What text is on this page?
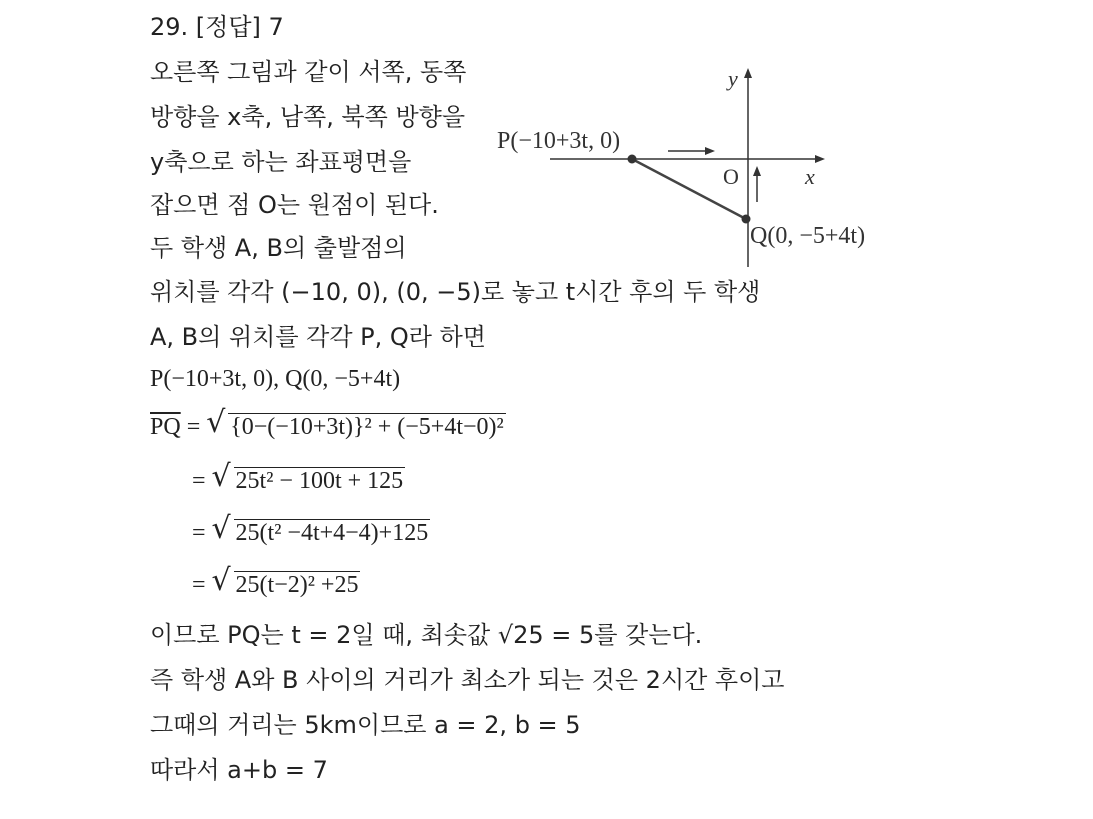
29. [정답] 7
오른쪽 그림과 같이 서쪽, 동쪽
방향을 x축, 남쪽, 북쪽 방향을
y축으로 하는 좌표평면을
잡으면 점 O는 원점이 된다.
두 학생 A, B의 출발점의
위치를 각각 (−10, 0), (0, −5)로 놓고 t시간 후의 두 학생
A, B의 위치를 각각 P, Q라 하면
P(−10+3t, 0), Q(0, −5+4t)
$\overline{PQ}$ = √ {0−(−10+3t)}² + (−5+4t−0)²
= √ 25t² − 100t + 125
= √ 25(t² −4t+4−4)+125
= √ 25(t−2)² +25
이므로 PQ는 t = 2일 때, 최솟값 √25 = 5를 갖는다.
즉 학생 A와 B 사이의 거리가 최소가 되는 것은 2시간 후이고
그때의 거리는 5km이므로 a = 2, b = 5
따라서 a+b = 7
y
x
O
P(−10+3t, 0)
Q(0, −5+4t)
